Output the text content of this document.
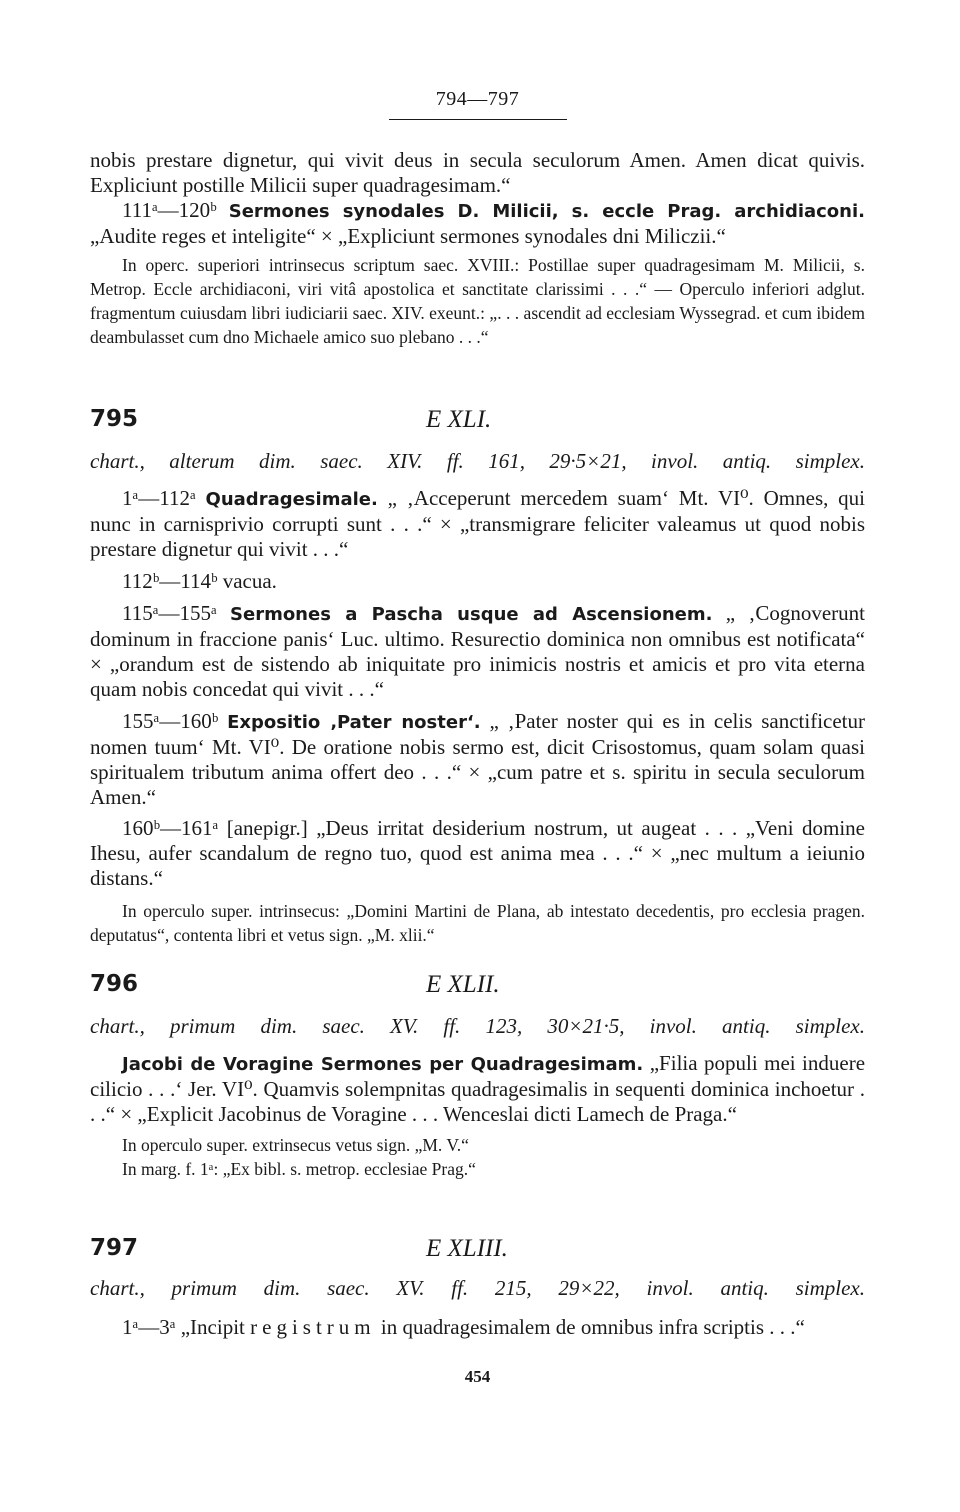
794—797

nobis prestare dignetur, qui vivit deus in secula seculorum Amen. Amen dicat quivis. Expliciunt postille Milicii super quadragesimam.“

111ᵃ—120ᵇ Sermones synodales D. Milicii, s. eccle Prag. archidiaconi. „Audite reges et inteligite“ × „Expliciunt sermones synodales dni Miliczii.“

In operc. superiori intrinsecus scriptum saec. XVIII.: Postillae super quadragesimam M. Milicii, s. Metrop. Eccle archidiaconi, viri vitâ apostolica et sanctitate clarissimi . . .“ — Operculo inferiori adglut. fragmentum cuiusdam libri iudiciarii saec. XIV. exeunt.: „. . . ascendit ad ecclesiam Wyssegrad. et cum ibidem deambulasset cum dno Michaele amico suo plebano . . .“

795	E XLI.
chart., alterum dim. saec. XIV. ff. 161, 29·5×21, invol. antiq. simplex.

1ᵃ—112ᵃ Quadragesimale. „ ‚Acceperunt mercedem suam‘ Mt. VI⁰. Omnes, qui nunc in carnisprivio corrupti sunt . . .“ × „transmigrare feliciter valeamus ut quod nobis prestare dignetur qui vivit . . .“

112ᵇ—114ᵇ vacua.

115ᵃ—155ᵃ Sermones a Pascha usque ad Ascensionem. „ ‚Cognoverunt dominum in fraccione panis‘ Luc. ultimo. Resurectio dominica non omnibus est notificata“ × „orandum est de sistendo ab iniquitate pro inimicis nostris et amicis et pro vita eterna quam nobis concedat qui vivit . . .“

155ᵃ—160ᵇ Expositio ‚Pater noster‘. „ ‚Pater noster qui es in celis sanctificetur nomen tuum‘ Mt. VI⁰. De oratione nobis sermo est, dicit Crisostomus, quam solam quasi spiritualem tributum anima offert deo . . .“ × „cum patre et s. spiritu in secula seculorum Amen.“

160ᵇ—161ᵃ [anepigr.] „Deus irritat desiderium nostrum, ut augeat . . . „Veni domine Ihesu, aufer scandalum de regno tuo, quod est anima mea . . .“ × „nec multum a ieiunio distans.“

In operculo super. intrinsecus: „Domini Martini de Plana, ab intestato decedentis, pro ecclesia pragen. deputatus“, contenta libri et vetus sign. „M. xlii.“

796	E XLII.
chart., primum dim. saec. XV. ff. 123, 30×21·5, invol. antiq. simplex.

Jacobi de Voragine Sermones per Quadragesimam. „Filia populi mei induere cilicio . . .‘ Jer. VI⁰. Quamvis solempnitas quadragesimalis in sequenti dominica inchoetur . . .“ × „Explicit Jacobinus de Voragine . . . Wenceslai dicti Lamech de Praga.“

In operculo super. extrinsecus vetus sign. „M. V.“

In marg. f. 1ᵃ: „Ex bibl. s. metrop. ecclesiae Prag.“

797	E XLIII.
chart., primum dim. saec. XV. ff. 215, 29×22, invol. antiq. simplex.

1ᵃ—3ᵃ „Incipit registrum in quadragesimalem de omnibus infra scriptis . . .“

454
